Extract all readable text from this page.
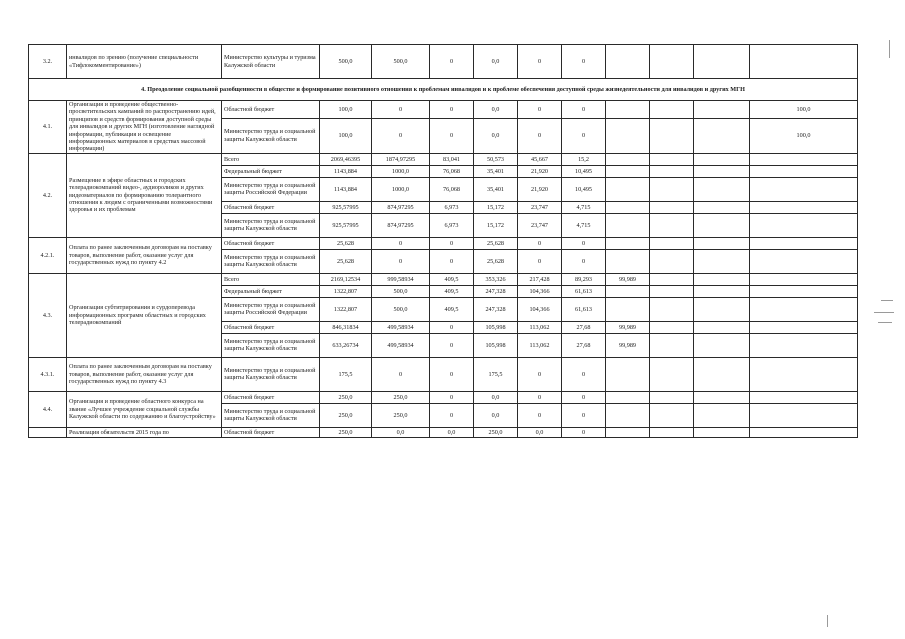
3.2.	инвалидов по зрению (получение специальности «Тифлокомментирование»)	Министерство культуры и туризма Калужской области	500,0	500,0	0	0,0	0	0				
4. Преодоление социальной разобщенности в обществе и формирование позитивного отношения к проблемам инвалидов и к проблеме обеспечения доступной среды жизнедеятельности для инвалидов и других МГН												
4.1.	Организация и проведение общественно-просветительских кампаний по распространению идей, принципов и средств формирования доступной среды для инвалидов и других МГН (изготовление наглядной информации, публикация и освещение информационных материалов в средствах массовой информации)	Областной бюджет	100,0	0	0	0,0	0	0				100,0
		Министерство труда и социальной защиты Калужской области	100,0	0	0	0,0	0	0				100,0
4.2.	Размещение в эфире областных и городских телерадиокомпаний видео-, аудиороликов и других видеоматериалов по формированию толерантного отношения к людям с ограниченными возможностями здоровья и их проблемам	Всего	2069,46395	1874,97295	83,041	50,573	45,667	15,2				
		Федеральный бюджет	1143,884	1000,0	76,068	35,401	21,920	10,495				
		Министерство труда и социальной защиты Российской Федерации	1143,884	1000,0	76,068	35,401	21,920	10,495				
		Областной бюджет	925,57995	874,97295	6,973	15,172	23,747	4,715				
		Министерство труда и социальной защиты Калужской области	925,57995	874,97295	6,973	15,172	23,747	4,715				
4.2.1.	Оплата по ранее заключенным договорам на поставку товаров, выполнение работ, оказание услуг для государственных нужд по пункту 4.2	Областной бюджет	25,628	0	0	25,628	0	0				
		Министерство труда и социальной защиты Калужской области	25,628	0	0	25,628	0	0				
4.3.	Организация субтитрирования и сурдоперевода информационных программ областных и городских телерадиокомпаний	Всего	2169,12534	999,58934	409,5	353,326	217,428	89,293	99,989			
		Федеральный бюджет	1322,807	500,0	409,5	247,328	104,366	61,613				
		Министерство труда и социальной защиты Российской Федерации	1322,807	500,0	409,5	247,328	104,366	61,613				
		Областной бюджет	846,31834	499,58934	0	105,998	113,062	27,68	99,989			
		Министерство труда и социальной защиты Калужской области	633,26734	499,58934	0	105,998	113,062	27,68	99,989			
4.3.1.	Оплата по ранее заключенным договорам на поставку товаров, выполнение работ, оказание услуг для государственных нужд по пункту 4.3	Министерство труда и социальной защиты Калужской области	175,5	0	0	175,5	0	0				
4.4.	Организация и проведение областного конкурса на звание «Лучшее учреждение социальной службы Калужской области по содержанию и благоустройству»	Областной бюджет	250,0	250,0	0	0,0	0	0				
		Министерство труда и социальной защиты Калужской области	250,0	250,0	0	0,0	0	0				
	Реализация обязательств 2015 года по	Областной бюджет	250,0	0,0	0,0	250,0	0,0	0				
